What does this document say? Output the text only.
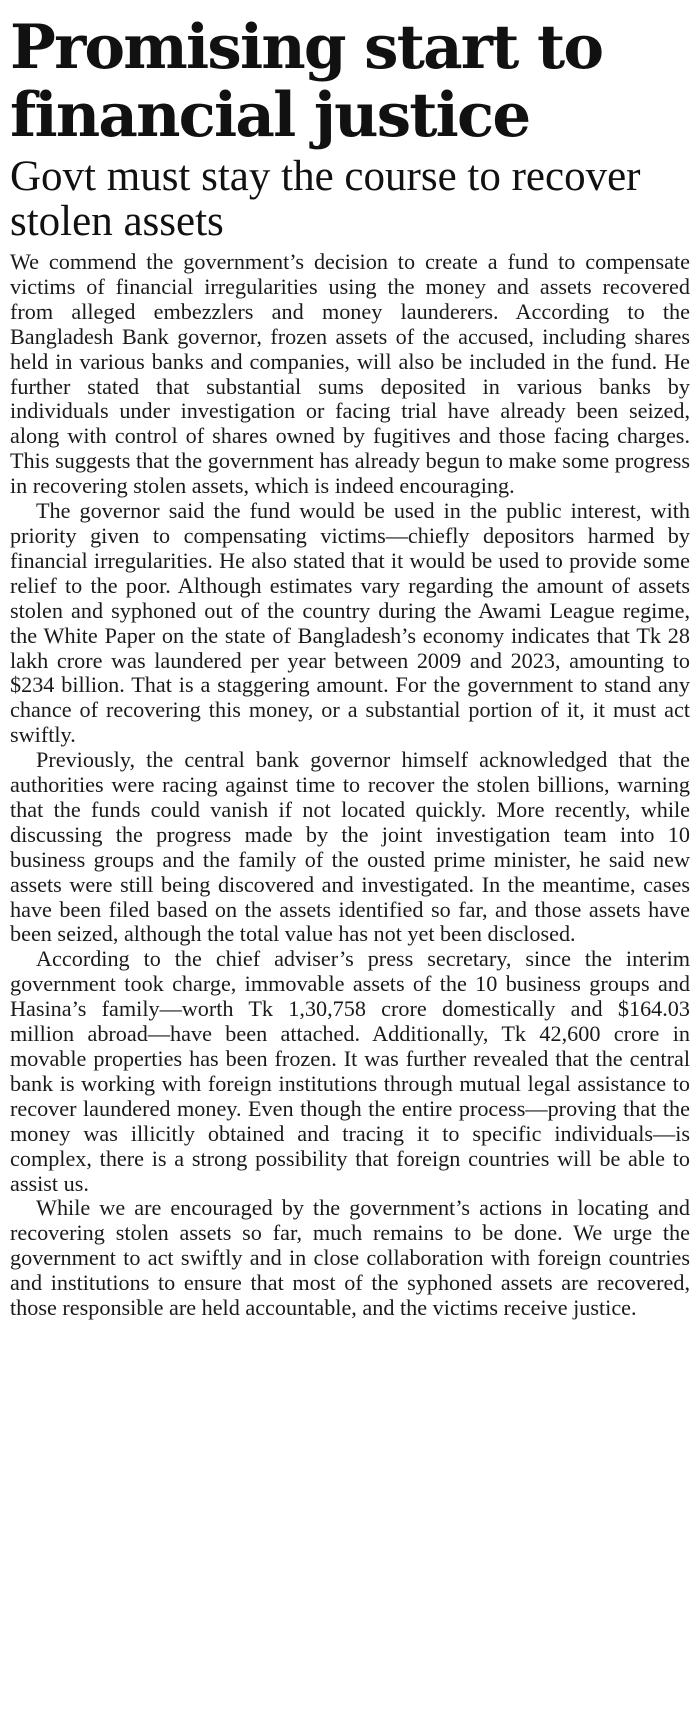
Promising start to financial justice
Govt must stay the course to recover stolen assets

We commend the government’s decision to create a fund to compensate victims of financial irregularities using the money and assets recovered from alleged embezzlers and money launderers. According to the Bangladesh Bank governor, frozen assets of the accused, including shares held in various banks and companies, will also be included in the fund. He further stated that substantial sums deposited in various banks by individuals under investigation or facing trial have already been seized, along with control of shares owned by fugitives and those facing charges. This suggests that the government has already begun to make some progress in recovering stolen assets, which is indeed encouraging.

The governor said the fund would be used in the public interest, with priority given to compensating victims—chiefly depositors harmed by financial irregularities. He also stated that it would be used to provide some relief to the poor. Although estimates vary regarding the amount of assets stolen and syphoned out of the country during the Awami League regime, the White Paper on the state of Bangladesh’s economy indicates that Tk 28 lakh crore was laundered per year between 2009 and 2023, amounting to $234 billion. That is a staggering amount. For the government to stand any chance of recovering this money, or a substantial portion of it, it must act swiftly.

Previously, the central bank governor himself acknowledged that the authorities were racing against time to recover the stolen billions, warning that the funds could vanish if not located quickly. More recently, while discussing the progress made by the joint investigation team into 10 business groups and the family of the ousted prime minister, he said new assets were still being discovered and investigated. In the meantime, cases have been filed based on the assets identified so far, and those assets have been seized, although the total value has not yet been disclosed.

According to the chief adviser’s press secretary, since the interim government took charge, immovable assets of the 10 business groups and Hasina’s family—worth Tk 1,30,758 crore domestically and $164.03 million abroad—have been attached. Additionally, Tk 42,600 crore in movable properties has been frozen. It was further revealed that the central bank is working with foreign institutions through mutual legal assistance to recover laundered money. Even though the entire process—proving that the money was illicitly obtained and tracing it to specific individuals—is complex, there is a strong possibility that foreign countries will be able to assist us.

While we are encouraged by the government’s actions in locating and recovering stolen assets so far, much remains to be done. We urge the government to act swiftly and in close collaboration with foreign countries and institutions to ensure that most of the syphoned assets are recovered, those responsible are held accountable, and the victims receive justice.
